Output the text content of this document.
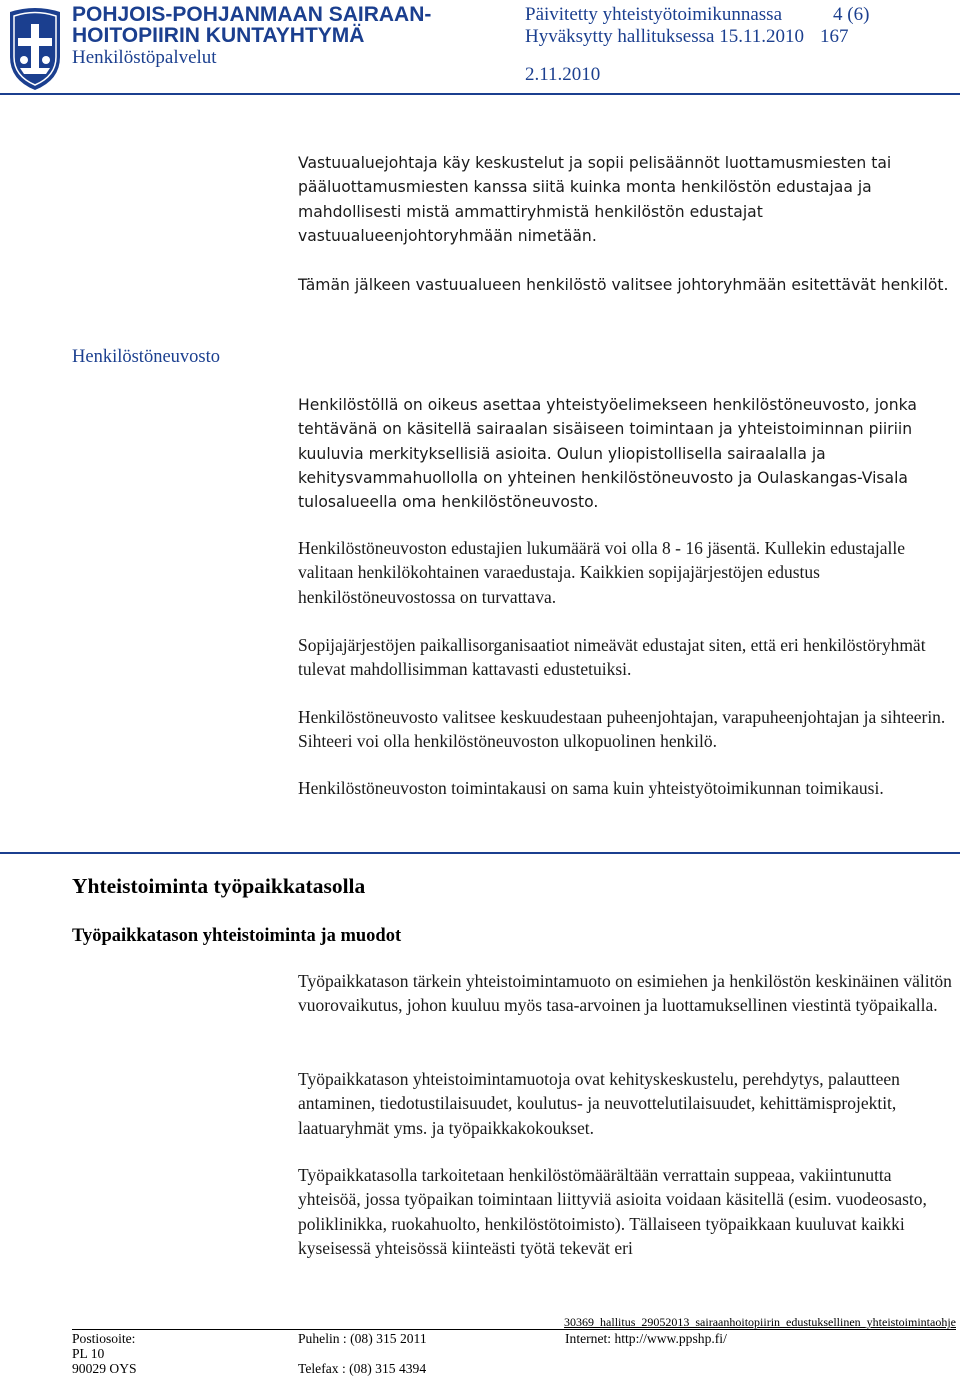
POHJOIS-POHJANMAAN SAIRAAN-
HOITOPIIRIN KUNTAYHTYMÄ
Henkilöstöpalvelut
Päivitetty yhteistyötoimikunnassa	4 (6)
Hyväksytty hallituksessa 15.11.2010 167
2.11.2010

Vastuualuejohtaja käy keskustelut ja sopii pelisäännöt luottamusmiesten tai pääluottamusmiesten kanssa siitä kuinka monta henkilöstön edustajaa ja mahdollisesti mistä ammattiryhmistä henkilöstön edustajat vastuualueenjohtoryhmään nimetään.

Tämän jälkeen vastuualueen henkilöstö valitsee johtoryhmään esitettävät henkilöt.

Henkilöstöneuvosto

Henkilöstöllä on oikeus asettaa yhteistyöelimekseen henkilöstöneuvosto, jonka tehtävänä on käsitellä sairaalan sisäiseen toimintaan ja yhteistoiminnan piiriin kuuluvia merkityksellisiä asioita. Oulun yliopistollisella sairaalalla ja kehitysvammahuollolla on yhteinen henkilöstöneuvosto ja Oulaskangas-Visala tulosalueella oma henkilöstöneuvosto.

Henkilöstöneuvoston edustajien lukumäärä voi olla 8 - 16 jäsentä. Kullekin edustajalle valitaan henkilökohtainen varaedustaja. Kaikkien sopijajärjestöjen edustus henkilöstöneuvostossa on turvattava.

Sopijajärjestöjen paikallisorganisaatiot nimeävät edustajat siten, että eri henkilöstöryhmät tulevat mahdollisimman kattavasti edustetuiksi.

Henkilöstöneuvosto valitsee keskuudestaan puheenjohtajan, varapuheenjohtajan ja sihteerin. Sihteeri voi olla henkilöstöneuvoston ulkopuolinen henkilö.

Henkilöstöneuvoston toimintakausi on sama kuin yhteistyötoimikunnan toimikausi.

Yhteistoiminta työpaikkatasolla
Työpaikkatason yhteistoiminta ja muodot

Työpaikkatason tärkein yhteistoimintamuoto on esimiehen ja henkilöstön keskinäinen välitön vuorovaikutus, johon kuuluu myös tasa-arvoinen ja luottamuksellinen viestintä työpaikalla.

Työpaikkatason yhteistoimintamuotoja ovat kehityskeskustelu, perehdytys, palautteen antaminen, tiedotustilaisuudet, koulutus- ja neuvottelutilaisuudet, kehittämisprojektit, laatuaryhmät yms. ja työpaikkakokoukset.

Työpaikkatasolla tarkoitetaan henkilöstömäärältään verrattain suppeaa, vakiintunutta yhteisöä, jossa työpaikan toimintaan liittyviä asioita voidaan käsitellä (esim. vuodeosasto, poliklinikka, ruokahuolto, henkilöstötoimisto). Tällaiseen työpaikkaan kuuluvat kaikki kyseisessä yhteisössä kiinteästi työtä tekevät eri

30369_hallitus_29052013_sairaanhoitopiirin_edustuksellinen_yhteistoimintaohje
Postiosoite:
PL 10
90029 OYS
Puhelin : (08) 315 2011
Telefax : (08) 315 4394
Internet: http://www.ppshp.fi/
